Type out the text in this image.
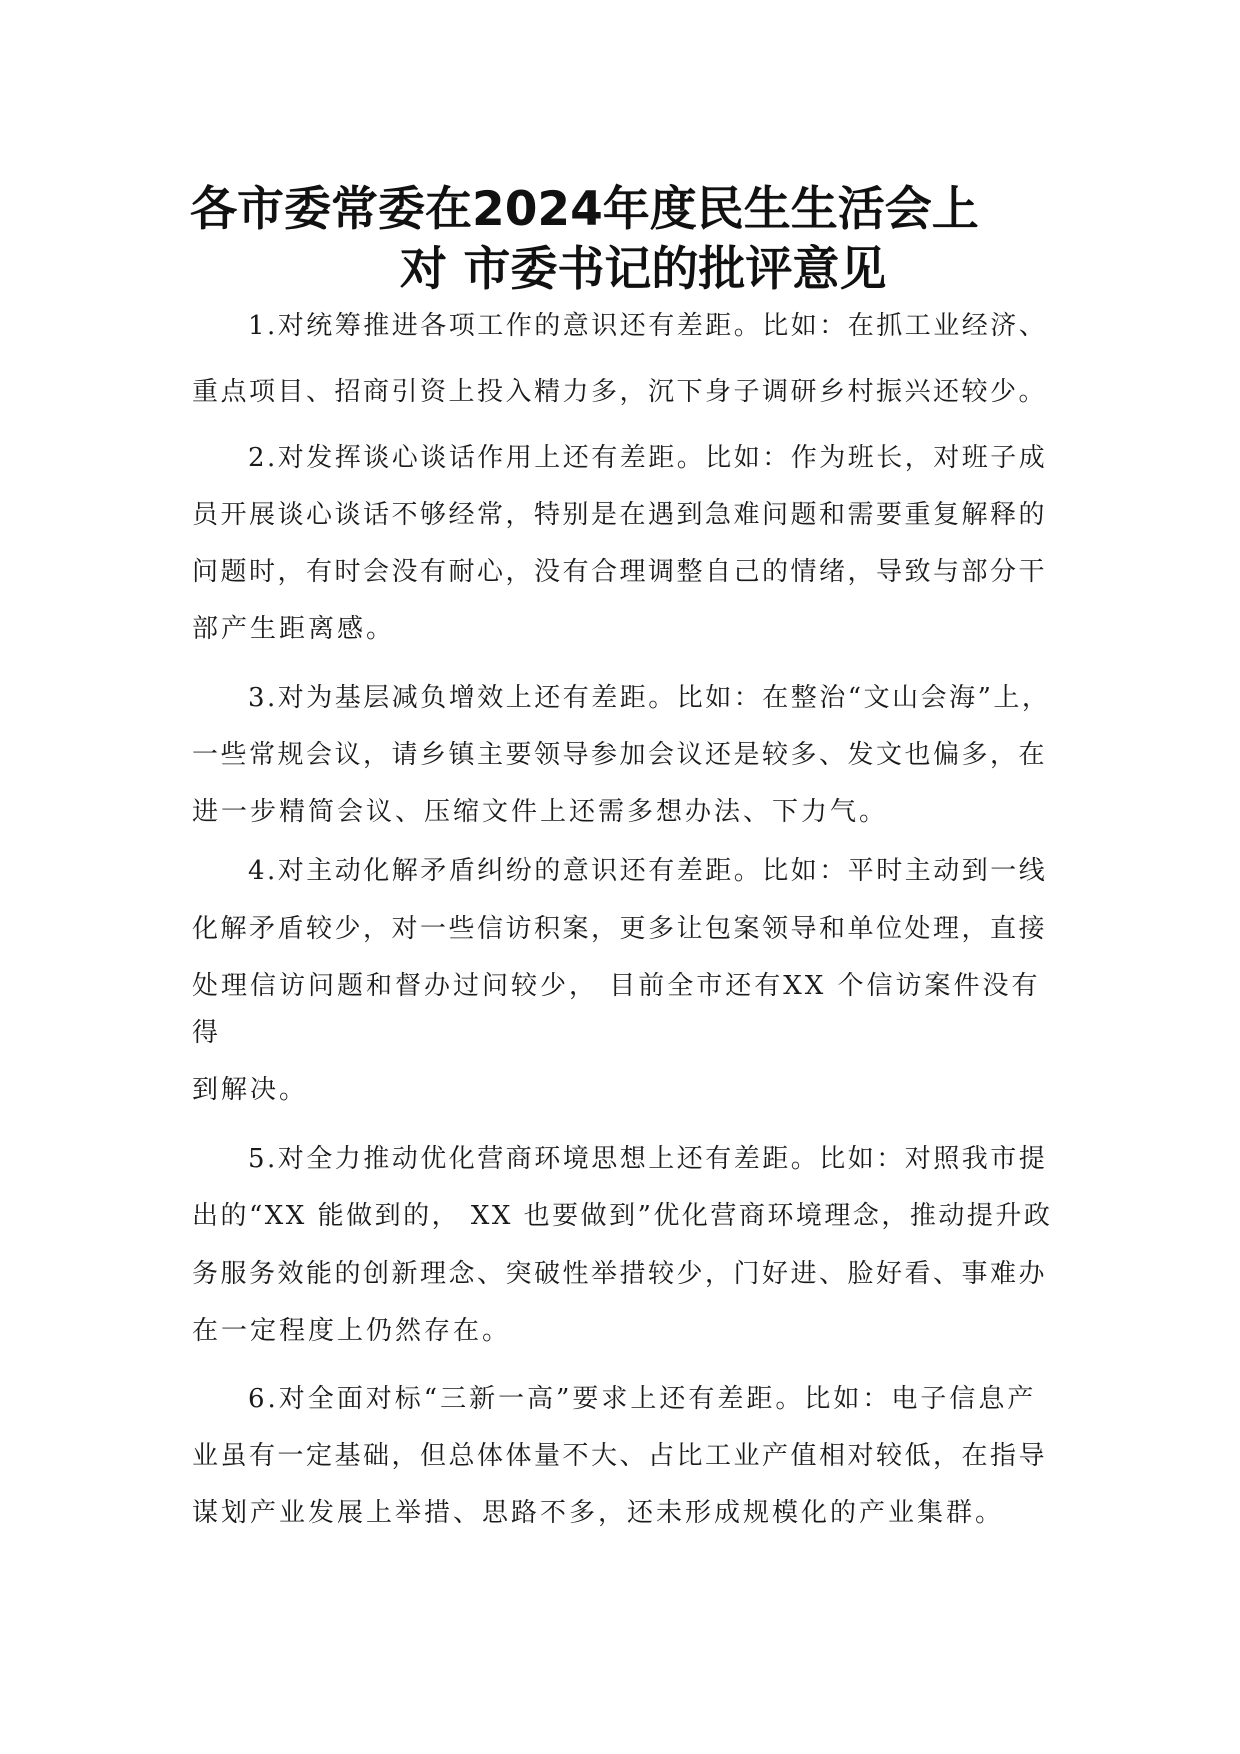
各市委常委在2024年度民生生活会上
对 市委书记的批评意见
1.对统筹推进各项工作的意识还有差距。比如：在抓工业经济、
重点项目、招商引资上投入精力多，沉下身子调研乡村振兴还较少。
2.对发挥谈心谈话作用上还有差距。比如：作为班长，对班子成
员开展谈心谈话不够经常，特别是在遇到急难问题和需要重复解释的
问题时，有时会没有耐心，没有合理调整自己的情绪，导致与部分干
部产生距离感。
3.对为基层减负增效上还有差距。比如：在整治“文山会海”上，
一些常规会议，请乡镇主要领导参加会议还是较多、发文也偏多，在
进一步精简会议、压缩文件上还需多想办法、下力气。
4.对主动化解矛盾纠纷的意识还有差距。比如：平时主动到一线
化解矛盾较少，对一些信访积案，更多让包案领导和单位处理，直接
处理信访问题和督办过问较少， 目前全市还有XX 个信访案件没有
得
到解决。
5.对全力推动优化营商环境思想上还有差距。比如：对照我市提
出的“XX 能做到的， XX 也要做到”优化营商环境理念，推动提升政
务服务效能的创新理念、突破性举措较少，门好进、脸好看、事难办
在一定程度上仍然存在。
6.对全面对标“三新一高”要求上还有差距。比如：电子信息产
业虽有一定基础，但总体体量不大、占比工业产值相对较低，在指导
谋划产业发展上举措、思路不多，还未形成规模化的产业集群。
